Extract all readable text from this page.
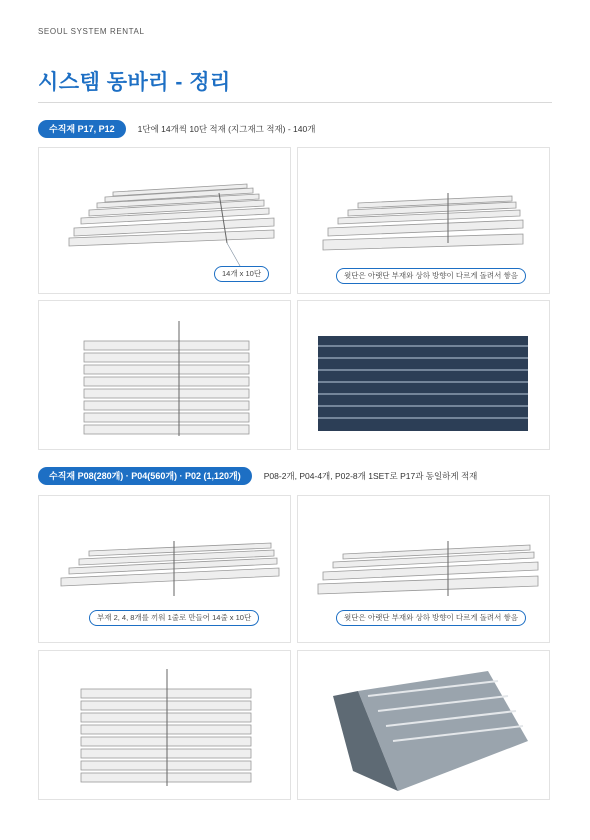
SEOUL SYSTEM RENTAL
시스템 동바리 - 정리
수직재 P17, P12	1단에 14개씩 10단 적재 (지그재그 적재) - 140개
14개 x 10단	윗단은 아랫단 부재와 상하 방향이 다르게 돌려서 쌓음
수직재 P08(280개) · P04(560개) · P02 (1,120개)	P08-2개, P04-4개, P02-8개 1SET로 P17과 동일하게 적재
부재 2, 4, 8개를 끼워 1줄로 만들어 14줄 x 10단	윗단은 아랫단 부재와 상하 방향이 다르게 돌려서 쌓음
